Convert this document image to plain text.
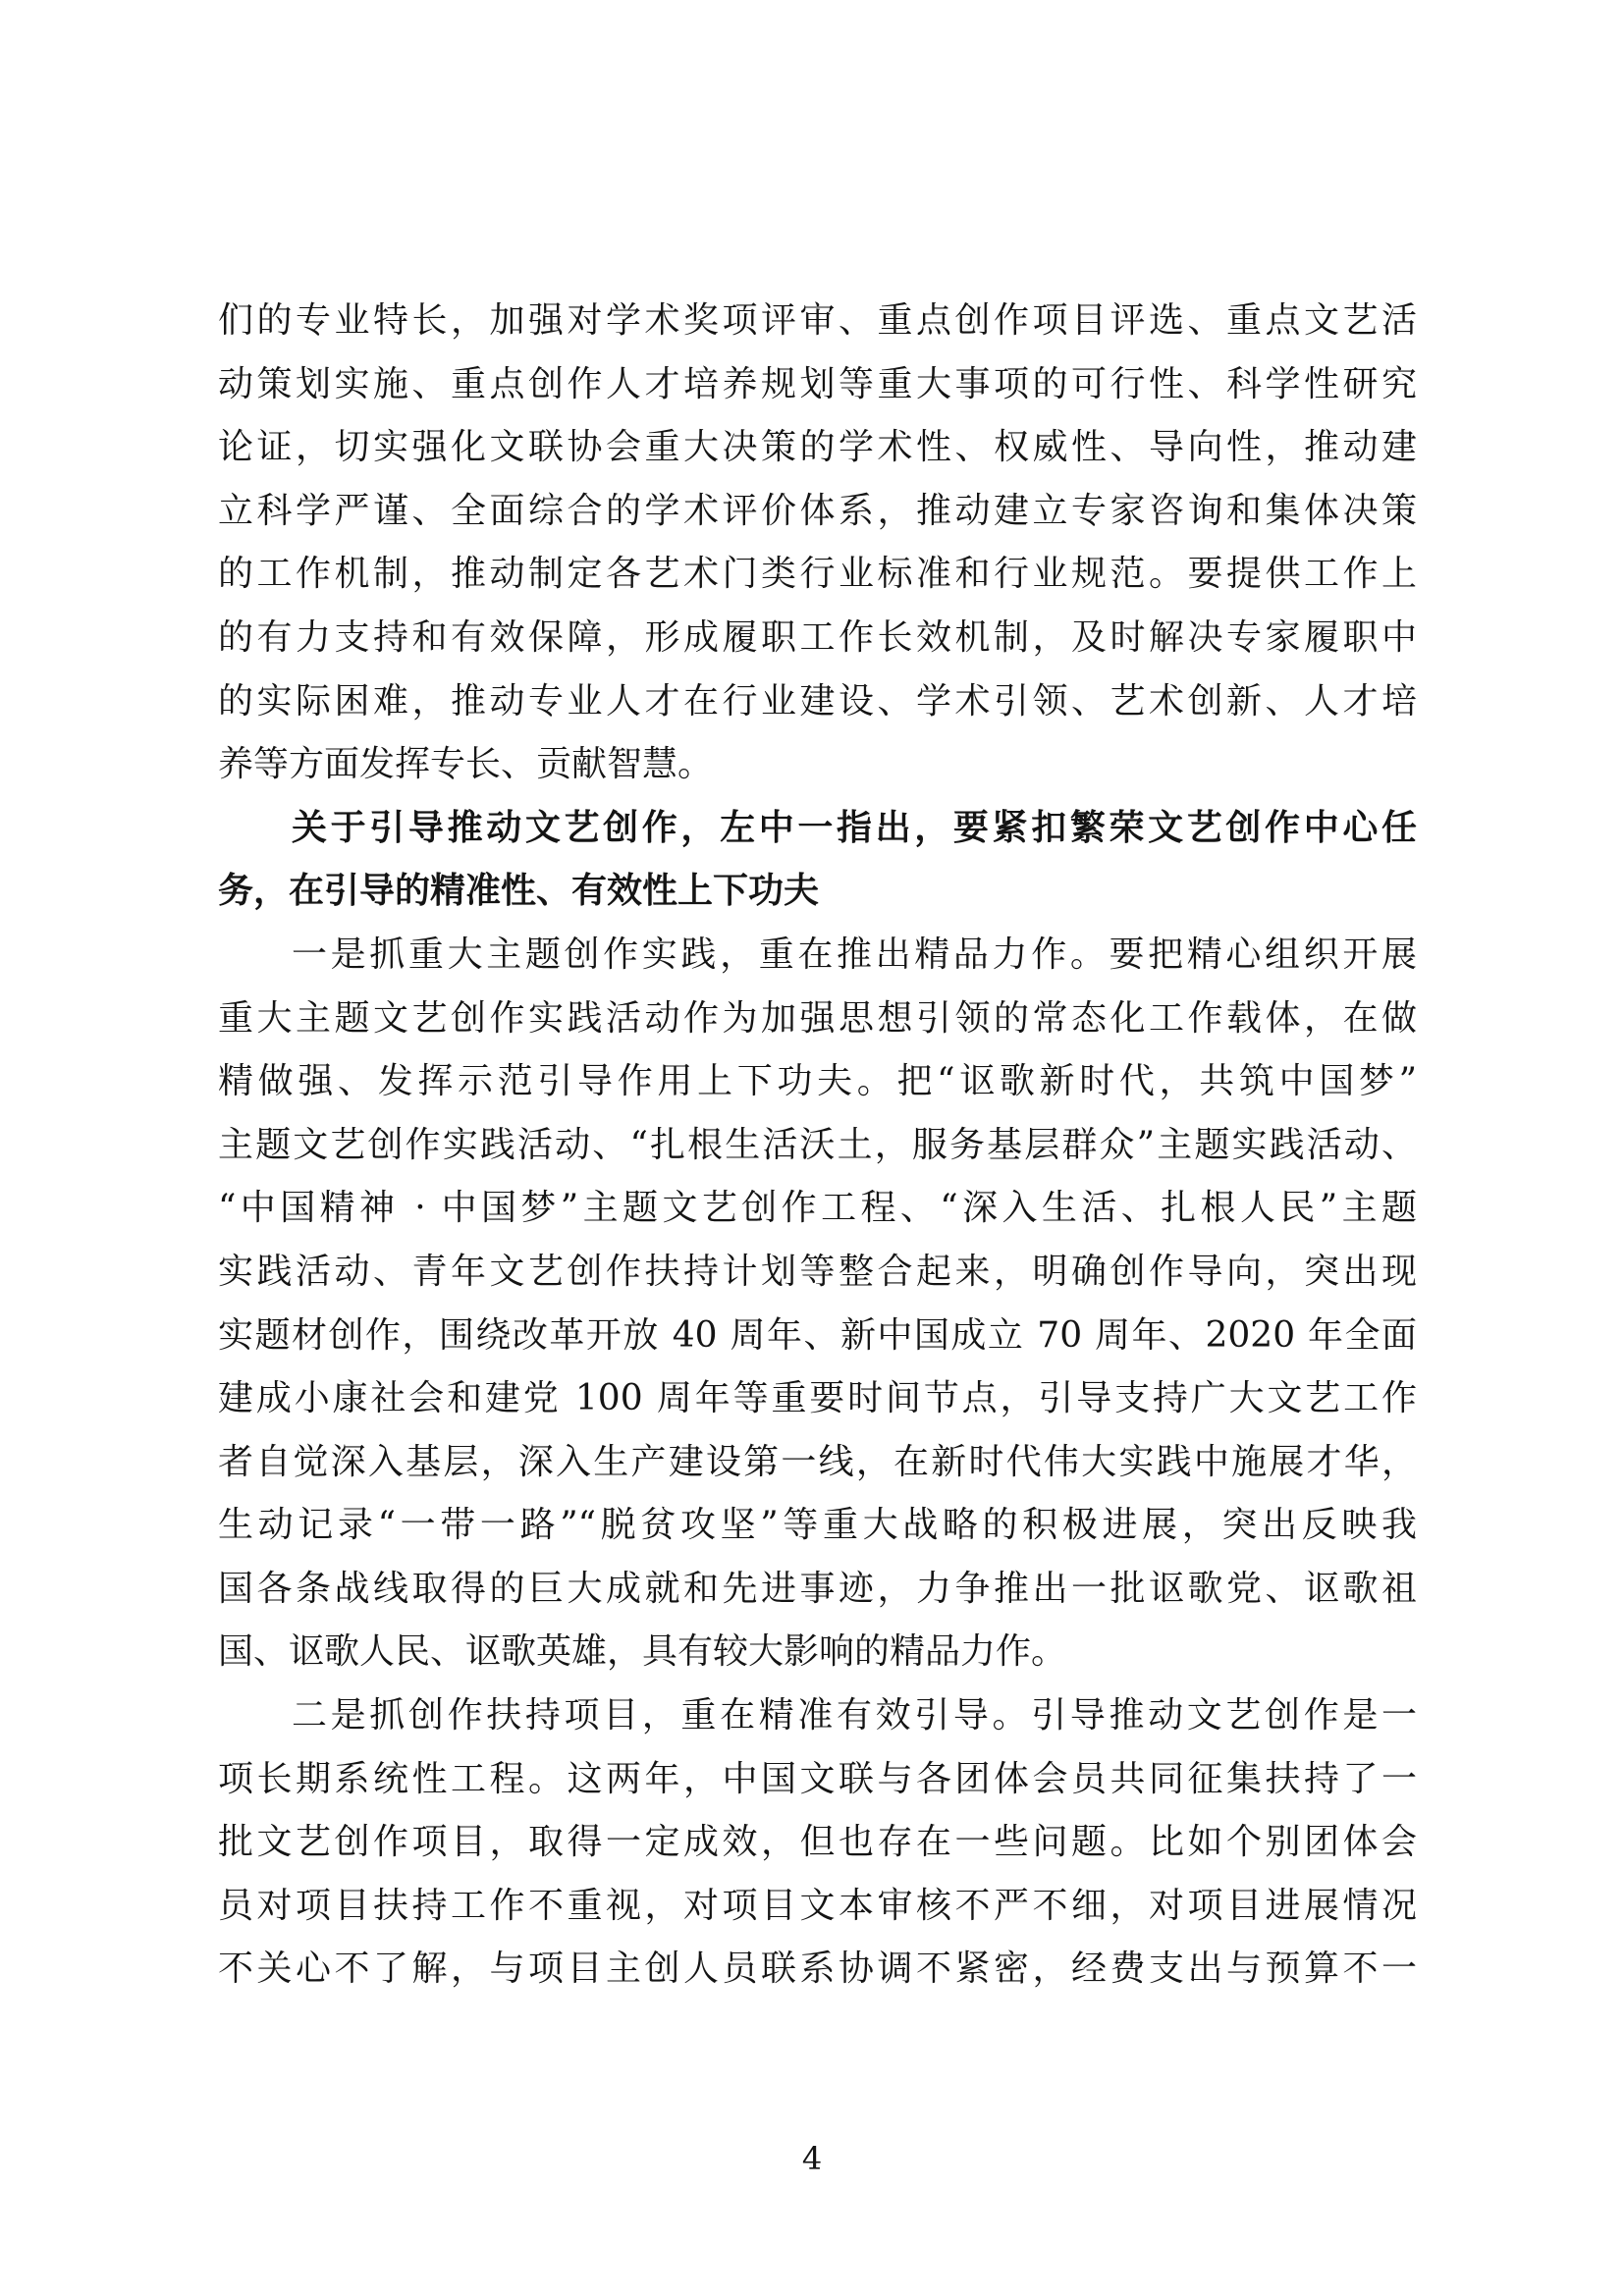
们的专业特长，加强对学术奖项评审、重点创作项目评选、重点文艺活
动策划实施、重点创作人才培养规划等重大事项的可行性、科学性研究
论证，切实强化文联协会重大决策的学术性、权威性、导向性，推动建
立科学严谨、全面综合的学术评价体系，推动建立专家咨询和集体决策
的工作机制，推动制定各艺术门类行业标准和行业规范。要提供工作上
的有力支持和有效保障，形成履职工作长效机制，及时解决专家履职中
的实际困难，推动专业人才在行业建设、学术引领、艺术创新、人才培
养等方面发挥专长、贡献智慧。
关于引导推动文艺创作，左中一指出，要紧扣繁荣文艺创作中心任
务，在引导的精准性、有效性上下功夫
一是抓重大主题创作实践，重在推出精品力作。要把精心组织开展
重大主题文艺创作实践活动作为加强思想引领的常态化工作载体，在做
精做强、发挥示范引导作用上下功夫。把“讴歌新时代，共筑中国梦”
主题文艺创作实践活动、“扎根生活沃土，服务基层群众”主题实践活动、
“中国精神 · 中国梦”主题文艺创作工程、“深入生活、扎根人民”主题
实践活动、青年文艺创作扶持计划等整合起来，明确创作导向，突出现
实题材创作，围绕改革开放 40 周年、新中国成立 70 周年、2020 年全面
建成小康社会和建党 100 周年等重要时间节点，引导支持广大文艺工作
者自觉深入基层，深入生产建设第一线，在新时代伟大实践中施展才华，
生动记录“一带一路”“脱贫攻坚”等重大战略的积极进展，突出反映我
国各条战线取得的巨大成就和先进事迹，力争推出一批讴歌党、讴歌祖
国、讴歌人民、讴歌英雄，具有较大影响的精品力作。
二是抓创作扶持项目，重在精准有效引导。引导推动文艺创作是一
项长期系统性工程。这两年，中国文联与各团体会员共同征集扶持了一
批文艺创作项目，取得一定成效，但也存在一些问题。比如个别团体会
员对项目扶持工作不重视，对项目文本审核不严不细，对项目进展情况
不关心不了解，与项目主创人员联系协调不紧密，经费支出与预算不一
4
